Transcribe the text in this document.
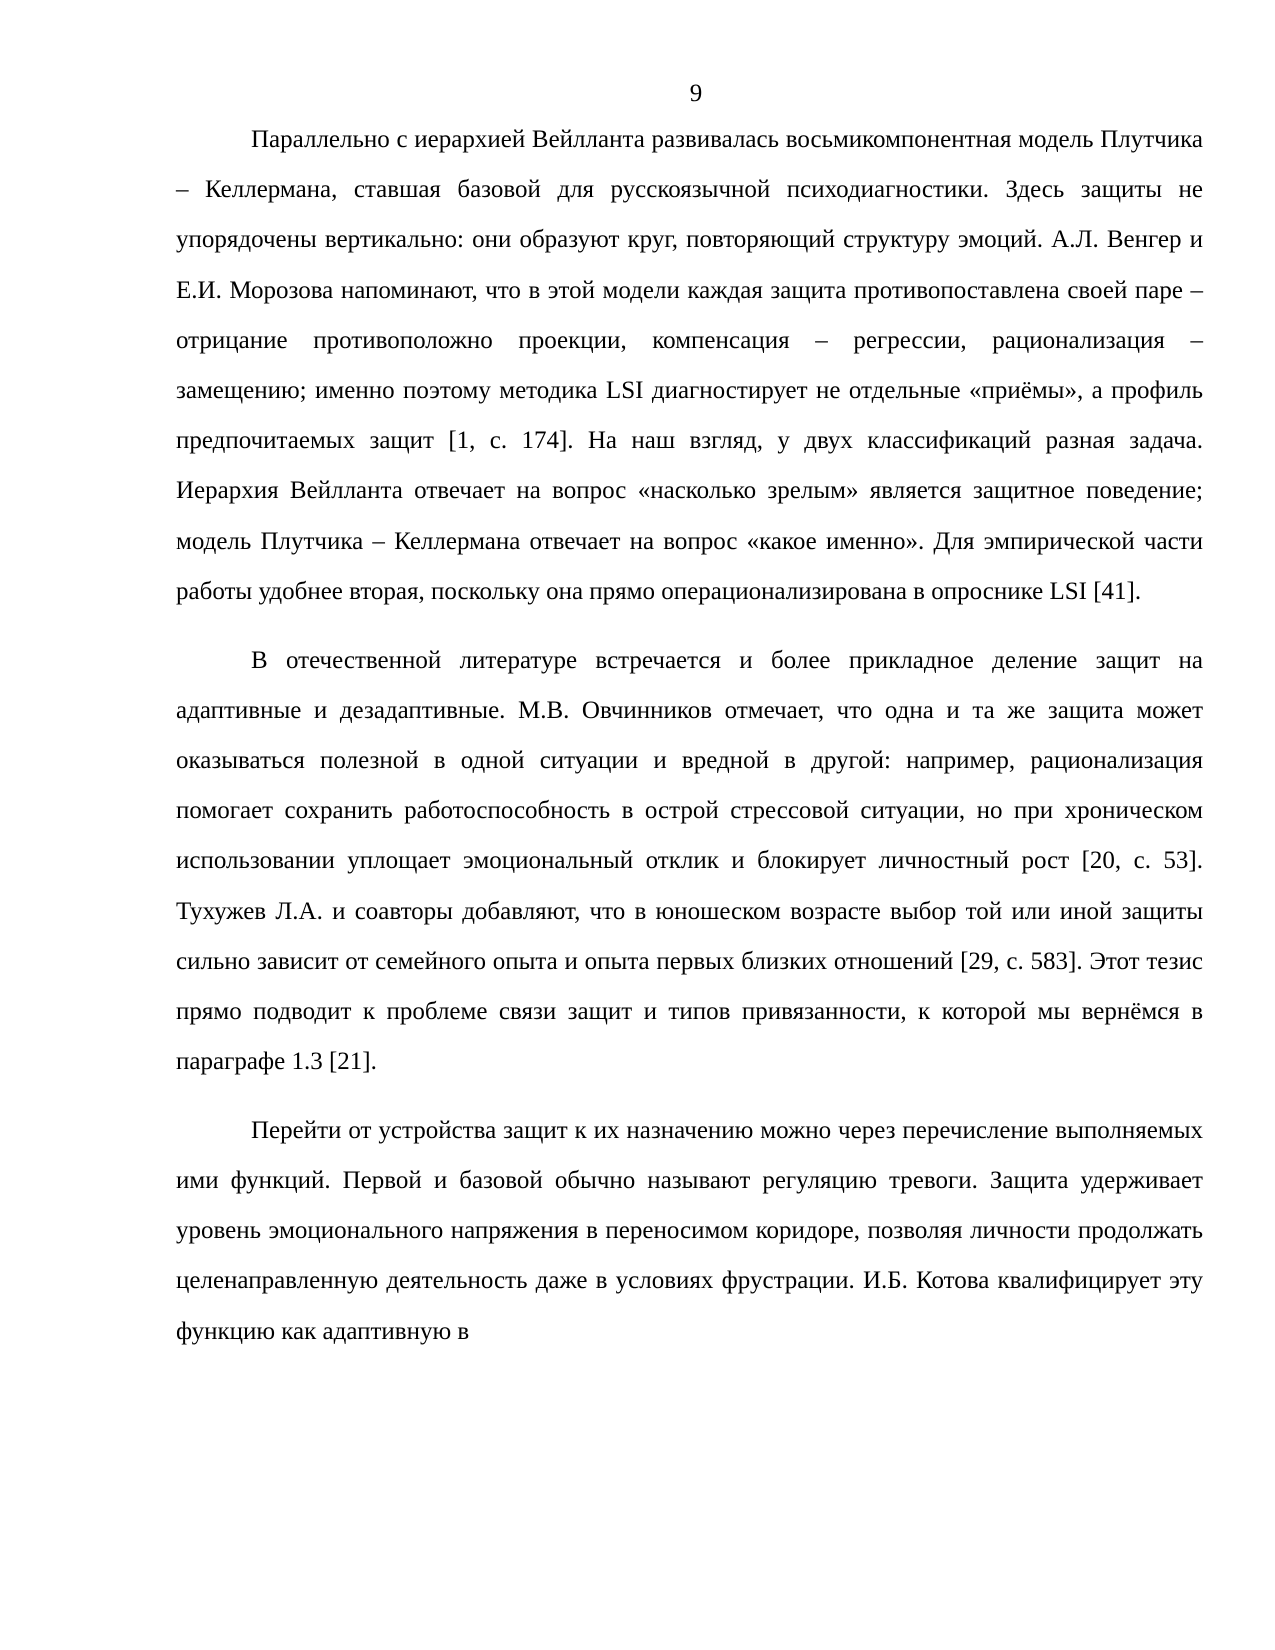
9

Параллельно с иерархией Вейлланта развивалась восьмикомпонентная модель Плутчика – Келлермана, ставшая базовой для русскоязычной психодиагностики. Здесь защиты не упорядочены вертикально: они образуют круг, повторяющий структуру эмоций. А.Л. Венгер и Е.И. Морозова напоминают, что в этой модели каждая защита противопоставлена своей паре – отрицание противоположно проекции, компенсация – регрессии, рационализация – замещению; именно поэтому методика LSI диагностирует не отдельные «приёмы», а профиль предпочитаемых защит [1, с. 174]. На наш взгляд, у двух классификаций разная задача. Иерархия Вейлланта отвечает на вопрос «насколько зрелым» является защитное поведение; модель Плутчика – Келлермана отвечает на вопрос «какое именно». Для эмпирической части работы удобнее вторая, поскольку она прямо операционализирована в опроснике LSI [41].

В отечественной литературе встречается и более прикладное деление защит на адаптивные и дезадаптивные. М.В. Овчинников отмечает, что одна и та же защита может оказываться полезной в одной ситуации и вредной в другой: например, рационализация помогает сохранить работоспособность в острой стрессовой ситуации, но при хроническом использовании уплощает эмоциональный отклик и блокирует личностный рост [20, с. 53]. Тухужев Л.А. и соавторы добавляют, что в юношеском возрасте выбор той или иной защиты сильно зависит от семейного опыта и опыта первых близких отношений [29, с. 583]. Этот тезис прямо подводит к проблеме связи защит и типов привязанности, к которой мы вернёмся в параграфе 1.3 [21].

Перейти от устройства защит к их назначению можно через перечисление выполняемых ими функций. Первой и базовой обычно называют регуляцию тревоги. Защита удерживает уровень эмоционального напряжения в переносимом коридоре, позволяя личности продолжать целенаправленную деятельность даже в условиях фрустрации. И.Б. Котова квалифицирует эту функцию как адаптивную в
